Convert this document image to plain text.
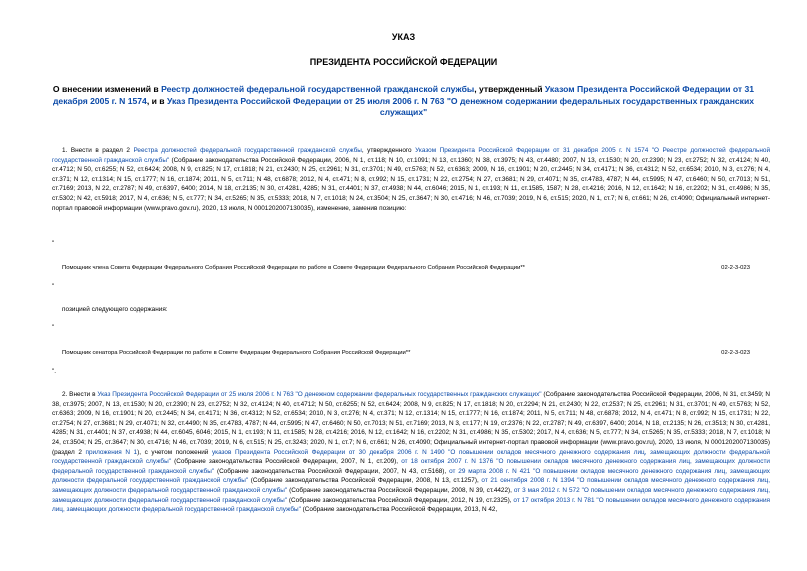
УКАЗ
ПРЕЗИДЕНТА РОССИЙСКОЙ ФЕДЕРАЦИИ
О внесении изменений в Реестр должностей федеральной государственной гражданской службы, утвержденный Указом Президента Российской Федерации от 31 декабря 2005 г. N 1574, и в Указ Президента Российской Федерации от 25 июля 2006 г. N 763 "О денежном содержании федеральных государственных гражданских служащих"
1. Внести в раздел 2 Реестра должностей федеральной государственной гражданской службы, утвержденного Указом Президента Российской Федерации от 31 декабря 2005 г. N 1574 "О Реестре должностей федеральной государственной гражданской службы" (Собрание законодательства Российской Федерации, 2006, N 1, ст.118; N 10, ст.1091; N 13, ст.1360; N 38, ст.3975; N 43, ст.4480; 2007, N 13, ст.1530; N 20, ст.2390; N 23, ст.2752; N 32, ст.4124; N 40, ст.4712; N 50, ст.6255; N 52, ст.6424; 2008, N 9, ст.825; N 17, ст.1818; N 21, ст.2430; N 25, ст.2961; N 31, ст.3701; N 49, ст.5763; N 52, ст.6363; 2009, N 16, ст.1901; N 20, ст.2445; N 34, ст.4171; N 36, ст.4312; N 52, ст.6534; 2010, N 3, ст.276; N 4, ст.371; N 12, ст.1314; N 15, ст.1777; N 16, ст.1874; 2011, N 5, ст.711; N 48, ст.6878; 2012, N 4, ст.471; N 8, ст.992; N 15, ст.1731; N 22, ст.2754; N 27, ст.3681; N 29, ст.4071; N 35, ст.4783, 4787; N 44, ст.5995; N 47, ст.6460; N 50, ст.7013; N 51, ст.7169; 2013, N 22, ст.2787; N 49, ст.6397, 6400; 2014, N 18, ст.2135; N 30, ст.4281, 4285; N 31, ст.4401; N 37, ст.4938; N 44, ст.6046; 2015, N 1, ст.193; N 11, ст.1585, 1587; N 28, ст.4216; 2016, N 12, ст.1642; N 16, ст.2202; N 31, ст.4986; N 35, ст.5302; N 42, ст.5918; 2017, N 4, ст.636; N 5, ст.777; N 34, ст.5265; N 35, ст.5333; 2018, N 7, ст.1018; N 24, ст.3504; N 25, ст.3647; N 30, ст.4716; N 46, ст.7039; 2019, N 6, ст.515; 2020, N 1, ст.7; N 6, ст.661; N 26, ст.4090; Официальный интернет-портал правовой информации (www.pravo.gov.ru), 2020, 13 июля, N 0001202007130035), изменение, заменив позицию:
"
Помощник члена Совета Федерации Федерального Собрания Российской Федерации по работе в Совете Федерации Федерального Собрания Российской Федерации**	02-2-3-023
"
позицией следующего содержания:
"
Помощник сенатора Российской Федерации по работе в Совете Федерации Федерального Собрания Российской Федерации**	02-2-3-023
".
2. Внести в Указ Президента Российской Федерации от 25 июля 2006 г. N 763 "О денежном содержании федеральных государственных гражданских служащих" (Собрание законодательства Российской Федерации, 2006, N 31, ст.3459; N 38, ст.3975; 2007, N 13, ст.1530; N 20, ст.2390; N 23, ст.2752; N 32, ст.4124; N 40, ст.4712; N 50, ст.6255; N 52, ст.6424; 2008, N 9, ст.825; N 17, ст.1818; N 20, ст.2294; N 21, ст.2430; N 22, ст.2537; N 25, ст.2961; N 31, ст.3701; N 49, ст.5763; N 52, ст.6363; 2009, N 16, ст.1901; N 20, ст.2445; N 34, ст.4171; N 36, ст.4312; N 52, ст.6534; 2010, N 3, ст.276; N 4, ст.371; N 12, ст.1314; N 15, ст.1777; N 16, ст.1874; 2011, N 5, ст.711; N 48, ст.6878; 2012, N 4, ст.471; N 8, ст.992; N 15, ст.1731; N 22, ст.2754; N 27, ст.3681; N 29, ст.4071; N 32, ст.4490; N 35, ст.4783, 4787; N 44, ст.5995; N 47, ст.6460; N 50, ст.7013; N 51, ст.7169; 2013, N 3, ст.177; N 19, ст.2376; N 22, ст.2787; N 49, ст.6397, 6400; 2014, N 18, ст.2135; N 26, ст.3513; N 30, ст.4281, 4285; N 31, ст.4401; N 37, ст.4938; N 44, ст.6045, 6046; 2015, N 1, ст.193; N 11, ст.1585; N 28, ст.4216; 2016, N 12, ст.1642; N 16, ст.2202; N 31, ст.4986; N 35, ст.5302; 2017, N 4, ст.636; N 5, ст.777; N 34, ст.5265; N 35, ст.5333; 2018, N 7, ст.1018; N 24, ст.3504; N 25, ст.3647; N 30, ст.4716; N 46, ст.7039; 2019, N 6, ст.515; N 25, ст.3243; 2020, N 1, ст.7; N 6, ст.661; N 26, ст.4090; Официальный интернет-портал правовой информации (www.pravo.gov.ru), 2020, 13 июля, N 0001202007130035) (раздел 2 приложения N 1), с учетом положений указов Президента Российской Федерации от 30 декабря 2006 г. N 1490 "О повышении окладов месячного денежного содержания лиц, замещающих должности федеральной государственной гражданской службы" (Собрание законодательства Российской Федерации, 2007, N 1, ст.209), от 18 октября 2007 г. N 1376 "О повышении окладов месячного денежного содержания лиц, замещающих должности федеральной государственной гражданской службы" (Собрание законодательства Российской Федерации, 2007, N 43, ст.5168), от 29 марта 2008 г. N 421 "О повышении окладов месячного денежного содержания лиц, замещающих должности федеральной государственной гражданской службы" (Собрание законодательства Российской Федерации, 2008, N 13, ст.1257), от 21 сентября 2008 г. N 1394 "О повышении окладов месячного денежного содержания лиц, замещающих должности федеральной государственной гражданской службы" (Собрание законодательства Российской Федерации, 2008, N 39, ст.4422), от 3 мая 2012 г. N 572 "О повышении окладов месячного денежного содержания лиц, замещающих должности федеральной государственной гражданской службы" (Собрание законодательства Российской Федерации, 2012, N 19, ст.2325), от 17 октября 2013 г. N 781 "О повышении окладов месячного денежного содержания лиц, замещающих должности федеральной государственной гражданской службы" (Собрание законодательства Российской Федерации, 2013, N 42,
